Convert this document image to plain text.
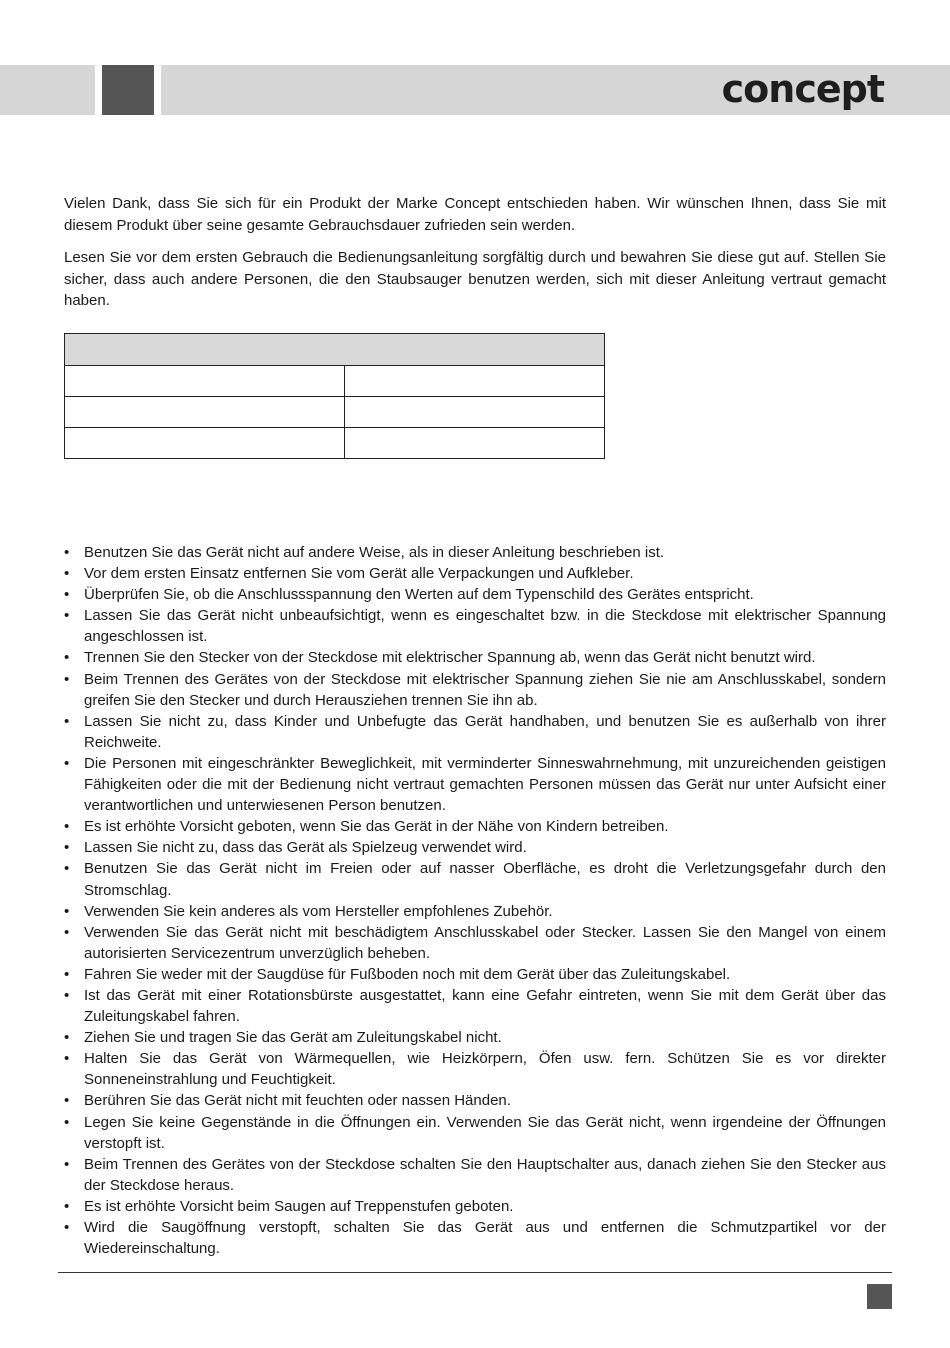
concept

Vielen Dank, dass Sie sich für ein Produkt der Marke Concept entschieden haben. Wir wünschen Ihnen, dass Sie mit diesem Produkt über seine gesamte Gebrauchsdauer zufrieden sein werden.

Lesen Sie vor dem ersten Gebrauch die Bedienungsanleitung sorgfältig durch und bewahren Sie diese gut auf. Stellen Sie sicher, dass auch andere Personen, die den Staubsauger benutzen werden, sich mit dieser Anleitung vertraut gemacht haben.

• Benutzen Sie das Gerät nicht auf andere Weise, als in dieser Anleitung beschrieben ist.
• Vor dem ersten Einsatz entfernen Sie vom Gerät alle Verpackungen und Aufkleber.
• Überprüfen Sie, ob die Anschlussspannung den Werten auf dem Typenschild des Gerätes entspricht.
• Lassen Sie das Gerät nicht unbeaufsichtigt, wenn es eingeschaltet bzw. in die Steckdose mit elektrischer Spannung angeschlossen ist.
• Trennen Sie den Stecker von der Steckdose mit elektrischer Spannung ab, wenn das Gerät nicht benutzt wird.
• Beim Trennen des Gerätes von der Steckdose mit elektrischer Spannung ziehen Sie nie am Anschlusskabel, sondern greifen Sie den Stecker und durch Herausziehen trennen Sie ihn ab.
• Lassen Sie nicht zu, dass Kinder und Unbefugte das Gerät handhaben, und benutzen Sie es außerhalb von ihrer Reichweite.
• Die Personen mit eingeschränkter Beweglichkeit, mit verminderter Sinneswahrnehmung, mit unzureichenden geistigen Fähigkeiten oder die mit der Bedienung nicht vertraut gemachten Personen müssen das Gerät nur unter Aufsicht einer verantwortlichen und unterwiesenen Person benutzen.
• Es ist erhöhte Vorsicht geboten, wenn Sie das Gerät in der Nähe von Kindern betreiben.
• Lassen Sie nicht zu, dass das Gerät als Spielzeug verwendet wird.
• Benutzen Sie das Gerät nicht im Freien oder auf nasser Oberfläche, es droht die Verletzungsgefahr durch den Stromschlag.
• Verwenden Sie kein anderes als vom Hersteller empfohlenes Zubehör.
• Verwenden Sie das Gerät nicht mit beschädigtem Anschlusskabel oder Stecker. Lassen Sie den Mangel von einem autorisierten Servicezentrum unverzüglich beheben.
• Fahren Sie weder mit der Saugdüse für Fußboden noch mit dem Gerät über das Zuleitungskabel.
• Ist das Gerät mit einer Rotationsbürste ausgestattet, kann eine Gefahr eintreten, wenn Sie mit dem Gerät über das Zuleitungskabel fahren.
• Ziehen Sie und tragen Sie das Gerät am Zuleitungskabel nicht.
• Halten Sie das Gerät von Wärmequellen, wie Heizkörpern, Öfen usw. fern. Schützen Sie es vor direkter Sonneneinstrahlung und Feuchtigkeit.
• Berühren Sie das Gerät nicht mit feuchten oder nassen Händen.
• Legen Sie keine Gegenstände in die Öffnungen ein. Verwenden Sie das Gerät nicht, wenn irgendeine der Öffnungen verstopft ist.
• Beim Trennen des Gerätes von der Steckdose schalten Sie den Hauptschalter aus, danach ziehen Sie den Stecker aus der Steckdose heraus.
• Es ist erhöhte Vorsicht beim Saugen auf Treppenstufen geboten.
• Wird die Saugöffnung verstopft, schalten Sie das Gerät aus und entfernen die Schmutzpartikel vor der Wiedereinschaltung.
